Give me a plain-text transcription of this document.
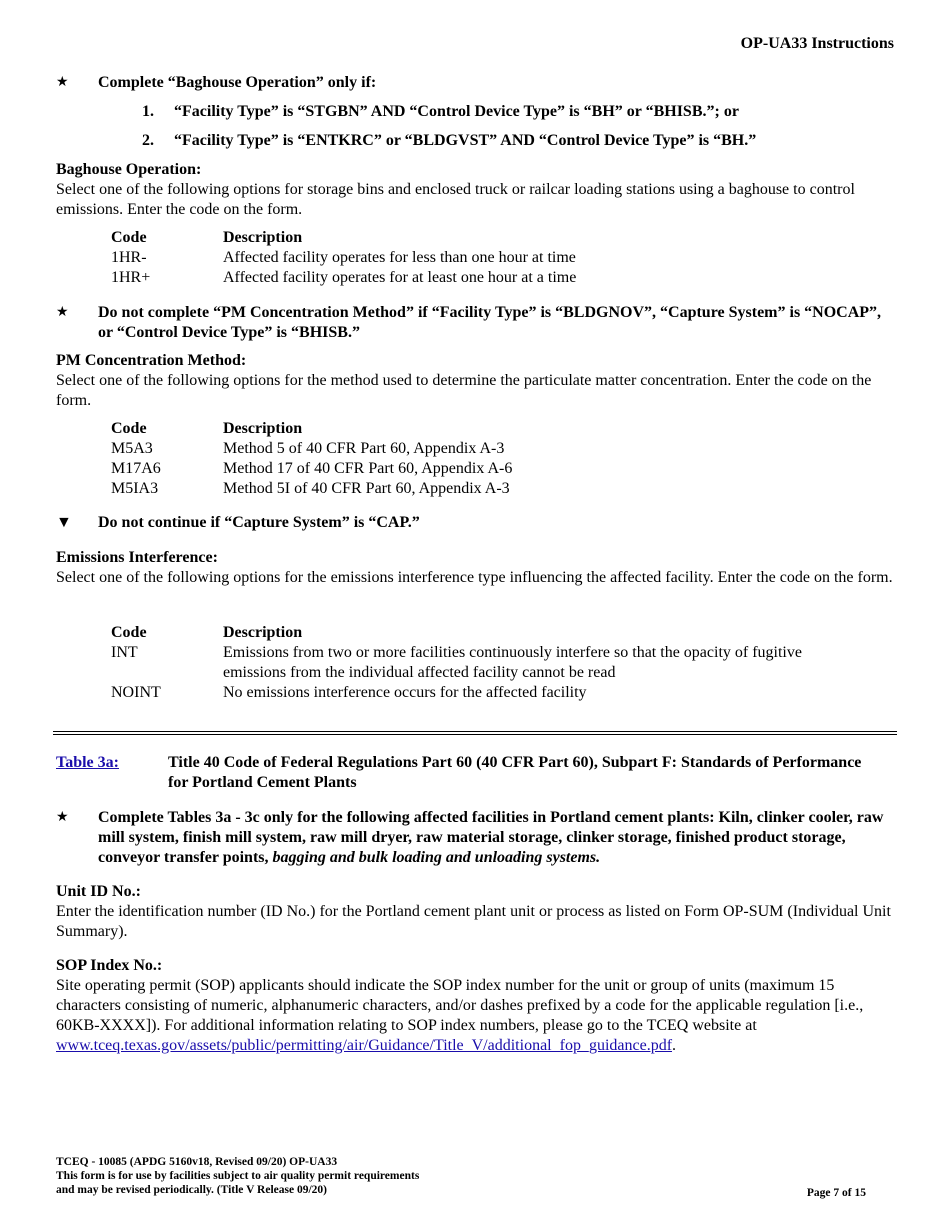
OP-UA33 Instructions
★	Complete “Baghouse Operation” only if:
1. “Facility Type” is “STGBN” AND “Control Device Type” is “BH” or “BHISB.”; or
2. “Facility Type” is “ENTKRC” or “BLDGVST” AND “Control Device Type” is “BH.”
Baghouse Operation:
Select one of the following options for storage bins and enclosed truck or railcar loading stations using a baghouse to control emissions. Enter the code on the form.
Code	Description
1HR-	Affected facility operates for less than one hour at time
1HR+	Affected facility operates for at least one hour at a time
★	Do not complete “PM Concentration Method” if “Facility Type” is “BLDGNOV”, “Capture System” is “NOCAP”, or “Control Device Type” is “BHISB.”
PM Concentration Method:
Select one of the following options for the method used to determine the particulate matter concentration. Enter the code on the form.
Code	Description
M5A3	Method 5 of 40 CFR Part 60, Appendix A-3
M17A6	Method 17 of 40 CFR Part 60, Appendix A-6
M5IA3	Method 5I of 40 CFR Part 60, Appendix A-3
▼	Do not continue if “Capture System” is “CAP.”
Emissions Interference:
Select one of the following options for the emissions interference type influencing the affected facility. Enter the code on the form.
Code	Description
INT	Emissions from two or more facilities continuously interfere so that the opacity of fugitive emissions from the individual affected facility cannot be read
NOINT	No emissions interference occurs for the affected facility
Table 3a:	Title 40 Code of Federal Regulations Part 60 (40 CFR Part 60), Subpart F: Standards of Performance for Portland Cement Plants
★	Complete Tables 3a - 3c only for the following affected facilities in Portland cement plants: Kiln, clinker cooler, raw mill system, finish mill system, raw mill dryer, raw material storage, clinker storage, finished product storage, conveyor transfer points, bagging and bulk loading and unloading systems.
Unit ID No.:
Enter the identification number (ID No.) for the Portland cement plant unit or process as listed on Form OP-SUM (Individual Unit Summary).
SOP Index No.:
Site operating permit (SOP) applicants should indicate the SOP index number for the unit or group of units (maximum 15 characters consisting of numeric, alphanumeric characters, and/or dashes prefixed by a code for the applicable regulation [i.e., 60KB-XXXX]). For additional information relating to SOP index numbers, please go to the TCEQ website at www.tceq.texas.gov/assets/public/permitting/air/Guidance/Title_V/additional_fop_guidance.pdf.
TCEQ - 10085 (APDG 5160v18, Revised 09/20) OP-UA33
This form is for use by facilities subject to air quality permit requirements
and may be revised periodically. (Title V Release 09/20)	Page 7 of 15
